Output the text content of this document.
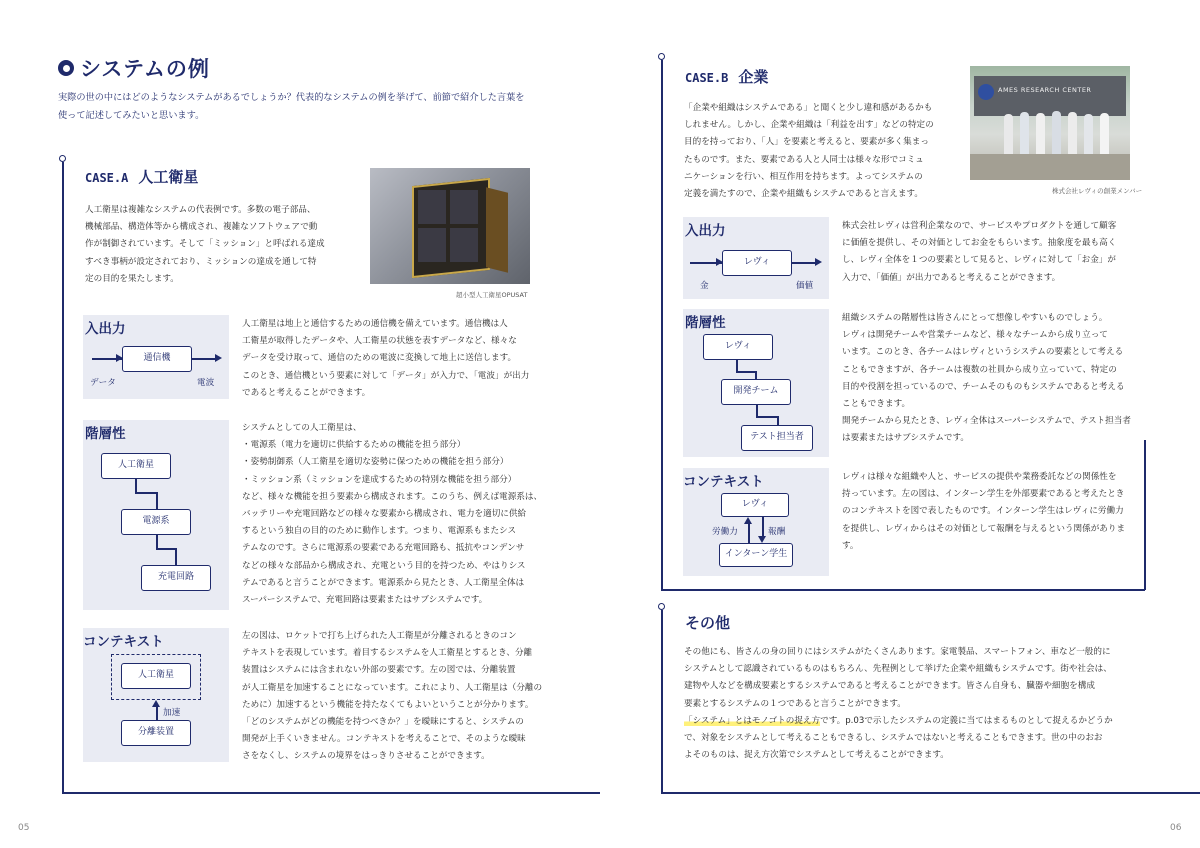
システムの例
実際の世の中にはどのようなシステムがあるでしょうか？代表的なシステムの例を挙げて、前節で紹介した言葉を
使って記述してみたいと思います。
CASE.A 人工衛星
人工衛星は複雑なシステムの代表例です。多数の電子部品、
機械部品、構造体等から構成され、複雑なソフトウェアで動
作が制御されています。そして「ミッション」と呼ばれる達成
すべき事柄が設定されており、ミッションの達成を通して特
定の目的を果たします。
超小型人工衛星OPUSAT
入出力
通信機
データ	電波
人工衛星は地上と通信するための通信機を備えています。通信機は人
工衛星が取得したデータや、人工衛星の状態を表すデータなど、様々な
データを受け取って、通信のための電波に変換して地上に送信します。
このとき、通信機という要素に対して「データ」が入力で、「電波」が出力
であると考えることができます。
階層性
人工衛星
電源系
充電回路
システムとしての人工衛星は、
・電源系（電力を適切に供給するための機能を担う部分）
・姿勢制御系（人工衛星を適切な姿勢に保つための機能を担う部分）
・ミッション系（ミッションを達成するための特別な機能を担う部分）
など、様々な機能を担う要素から構成されます。このうち、例えば電源系は、
バッテリーや充電回路などの様々な要素から構成され、電力を適切に供給
するという独自の目的のために動作します。つまり、電源系もまたシス
テムなのです。さらに電源系の要素である充電回路も、抵抗やコンデンサ
などの様々な部品から構成され、充電という目的を持つため、やはりシス
テムであると言うことができます。電源系から見たとき、人工衛星全体は
スーパーシステムで、充電回路は要素またはサブシステムです。
コンテキスト
人工衛星
加速
分離装置
左の図は、ロケットで打ち上げられた人工衛星が分離されるときのコン
テキストを表現しています。着目するシステムを人工衛星とするとき、分離
装置はシステムには含まれない外部の要素です。左の図では、分離装置
が人工衛星を加速することになっています。これにより、人工衛星は（分離の
ために）加速するという機能を持たなくてもよいということが分かります。
「どのシステムがどの機能を持つべきか？」を曖昧にすると、システムの
開発が上手くいきません。コンテキストを考えることで、そのような曖昧
さをなくし、システムの境界をはっきりさせることができます。
05
CASE.B 企業
「企業や組織はシステムである」と聞くと少し違和感があるかも
しれません。しかし、企業や組織は「利益を出す」などの特定の
目的を持っており、「人」を要素と考えると、要素が多く集まっ
たものです。また、要素である人と人同士は様々な形でコミュ
ニケーションを行い、相互作用を持ちます。よってシステムの
定義を満たすので、企業や組織もシステムであると言えます。
AMES RESEARCH CENTER
株式会社レヴィの創業メンバー
入出力
レヴィ
金	価値
株式会社レヴィは営利企業なので、サービスやプロダクトを通して顧客
に価値を提供し、その対価としてお金をもらいます。抽象度を最も高く
し、レヴィ全体を１つの要素として見ると、レヴィに対して「お金」が
入力で、「価値」が出力であると考えることができます。
階層性
レヴィ
開発チーム
テスト担当者
組織システムの階層性は皆さんにとって想像しやすいものでしょう。
レヴィは開発チームや営業チームなど、様々なチームから成り立って
います。このとき、各チームはレヴィというシステムの要素として考える
こともできますが、各チームは複数の社員から成り立っていて、特定の
目的や役割を担っているので、チームそのものもシステムであると考える
こともできます。
開発チームから見たとき、レヴィ全体はスーパーシステムで、テスト担当者
は要素またはサブシステムです。
コンテキスト
レヴィ
労働力	報酬
インターン学生
レヴィは様々な組織や人と、サービスの提供や業務委託などの関係性を
持っています。左の図は、インターン学生を外部要素であると考えたとき
のコンテキストを図で表したものです。インターン学生はレヴィに労働力
を提供し、レヴィからはその対価として報酬を与えるという関係がありま
す。
その他
その他にも、皆さんの身の回りにはシステムがたくさんあります。家電製品、スマートフォン、車など一般的に
システムとして認識されているものはもちろん、先程例として挙げた企業や組織もシステムです。街や社会は、
建物や人などを構成要素とするシステムであると考えることができます。皆さん自身も、臓器や細胞を構成
要素とするシステムの１つであると言うことができます。
「システム」とはモノゴトの捉え方です。p.03で示したシステムの定義に当てはまるものとして捉えるかどうか
で、対象をシステムとして考えることもできるし、システムではないと考えることもできます。世の中のおお
よそのものは、捉え方次第でシステムとして考えることができます。
06
